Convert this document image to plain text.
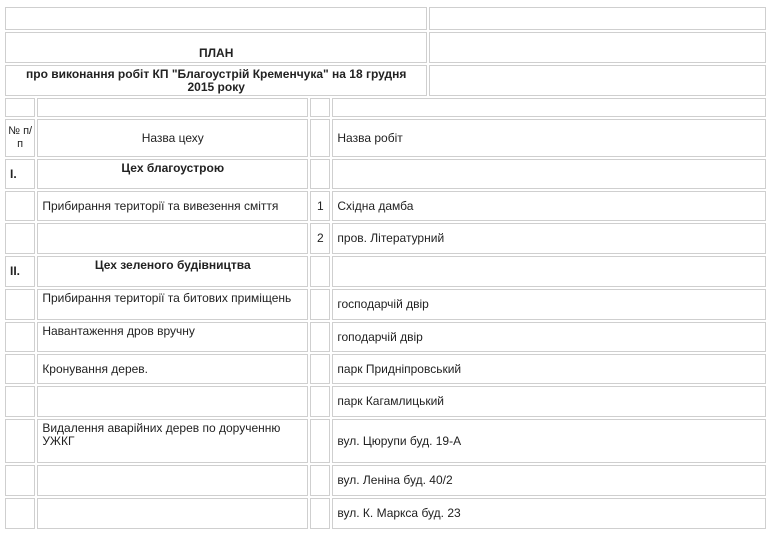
ПЛАН				
про виконання робіт КП "Благоустрій Кременчука" на 18 грудня
2015 року				

№ п/п	Назва цеху		Назва робіт	
I.	Цех благоустрою			
	Прибирання території та вивезення сміття	1	Східна дамба	
		2	пров. Літературний	
II.	Цех зеленого будівництва			
	Прибирання території та битових приміщень		господарчій двір	
	Навантаження дров вручну		гоподарчій двір	
	Кронування дерев.		парк Придніпровський	
			парк Кагамлицький	
	Видалення аварійних дерев по дорученню УЖКГ		вул. Цюрупи буд. 19-А	
			вул. Леніна буд. 40/2	
			вул. К. Маркса буд. 23	
